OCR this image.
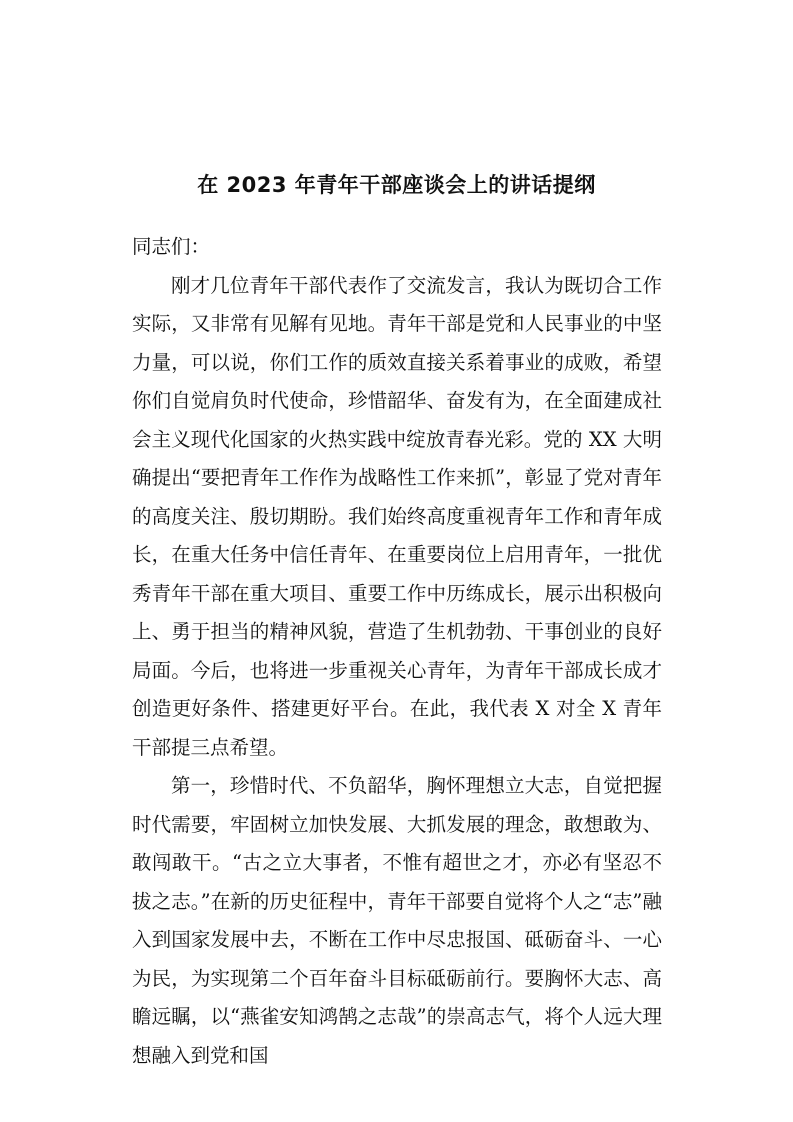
在 2023 年青年干部座谈会上的讲话提纲

同志们：

刚才几位青年干部代表作了交流发言，我认为既切合工作实际，又非常有见解有见地。青年干部是党和人民事业的中坚力量，可以说，你们工作的质效直接关系着事业的成败，希望你们自觉肩负时代使命，珍惜韶华、奋发有为，在全面建成社会主义现代化国家的火热实践中绽放青春光彩。党的 XX 大明确提出“要把青年工作作为战略性工作来抓”，彰显了党对青年的高度关注、殷切期盼。我们始终高度重视青年工作和青年成长，在重大任务中信任青年、在重要岗位上启用青年，一批优秀青年干部在重大项目、重要工作中历练成长，展示出积极向上、勇于担当的精神风貌，营造了生机勃勃、干事创业的良好局面。今后，也将进一步重视关心青年，为青年干部成长成才创造更好条件、搭建更好平台。在此，我代表 X 对全 X 青年干部提三点希望。

第一，珍惜时代、不负韶华，胸怀理想立大志，自觉把握时代需要，牢固树立加快发展、大抓发展的理念，敢想敢为、敢闯敢干。“古之立大事者，不惟有超世之才，亦必有坚忍不拔之志。”在新的历史征程中，青年干部要自觉将个人之“志”融入到国家发展中去，不断在工作中尽忠报国、砥砺奋斗、一心为民，为实现第二个百年奋斗目标砥砺前行。要胸怀大志、高瞻远瞩，以“燕雀安知鸿鹄之志哉”的崇高志气，将个人远大理想融入到党和国
